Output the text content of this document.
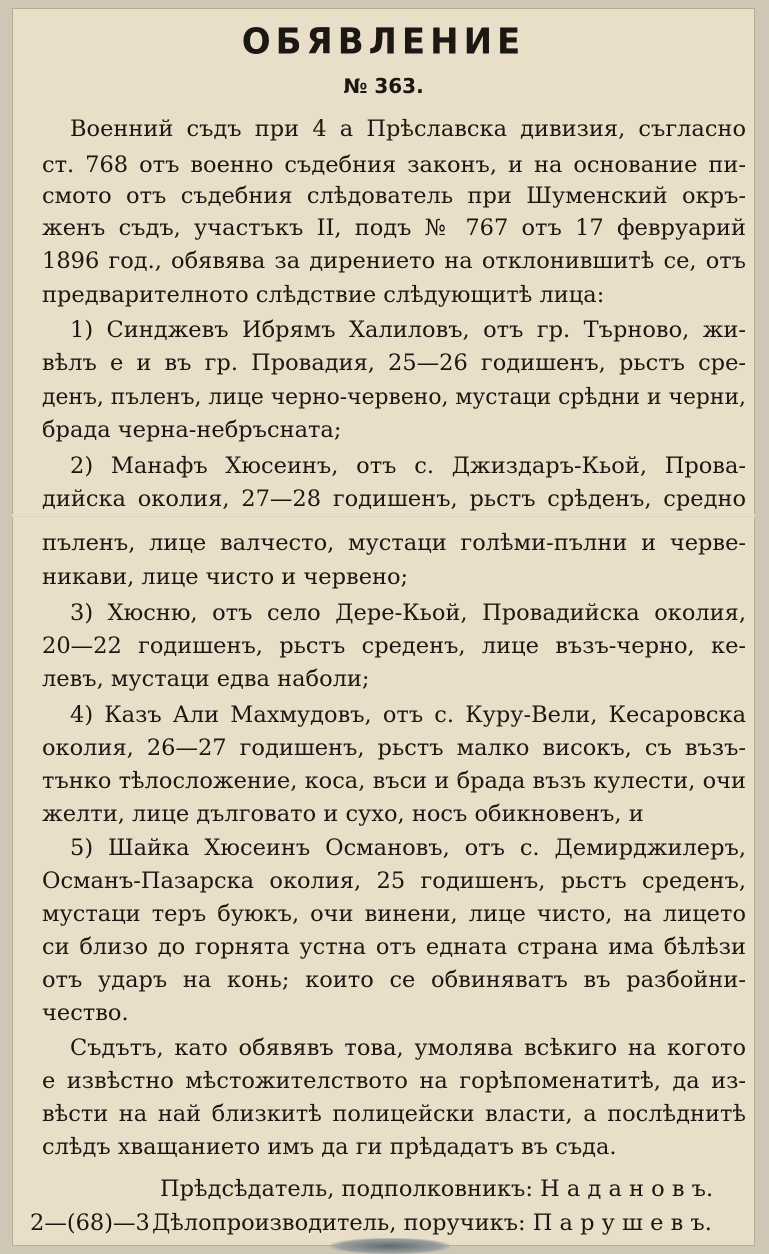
ОБЯВЛЕНИЕ
№ 363.
Военний съдъ при 4 а Прѣславска дивизия, съгласно
ст. 768 отъ военно съдебния законъ, и на основание пи-
смото отъ съдебния слѣдователь при Шуменский окръ-
женъ съдъ, участъкъ II, подъ № 767 отъ 17 февруарий
1896 год., обявява за дирението на отклонившитѣ се, отъ
предварителното слѣдствие слѣдующитѣ лица:
1) Синджевъ Ибрямъ Халиловъ, отъ гр. Търново, жи-
вѣлъ е и въ гр. Провадия, 25—26 годишенъ, рьстъ сре-
денъ, пъленъ, лице черно-червено, мустаци срѣдни и черни,
брада черна-небръсната;
2) Манафъ Хюсеинъ, отъ с. Джиздаръ-Кьой, Прова-
дийска околия, 27—28 годишенъ, рьстъ срѣденъ, средно
пъленъ, лице валчесто, мустаци голѣми-пълни и черве-
никави, лице чисто и червено;
3) Хюсню, отъ село Дере-Кьой, Провадийска околия,
20—22 годишенъ, рьстъ среденъ, лице възъ-черно, ке-
левъ, мустаци едва наболи;
4) Казъ Али Махмудовъ, отъ с. Куру-Вели, Кесаровска
околия, 26—27 годишенъ, рьстъ малко високъ, съ възъ-
тънко тѣлосложение, коса, въси и брада възъ кулести, очи
желти, лице дълговато и сухо, носъ обикновенъ, и
5) Шайка Хюсеинъ Османовъ, отъ с. Демирджилеръ,
Османъ-Пазарска околия, 25 годишенъ, рьстъ среденъ,
мустаци теръ буюкъ, очи винени, лице чисто, на лицето
си близо до горнята устна отъ едната страна има бѣлѣзи
отъ ударъ на конь; които се обвиняватъ въ разбойни-
чество.
Съдътъ, като обявявъ това, умолява всѣкиго на когото
е извѣстно мѣстожителството на горѣпоменатитѣ, да из-
вѣсти на най близкитѣ полицейски власти, а послѣднитѣ
слѣдъ хващанието имъ да ги прѣдадатъ въ съда.
Прѣдсѣдатель, подполковникъ: Н а д а н о в ъ.
2—(68)—3 Дѣлопроизводитель, поручикъ: П а р у ш е в ъ.
